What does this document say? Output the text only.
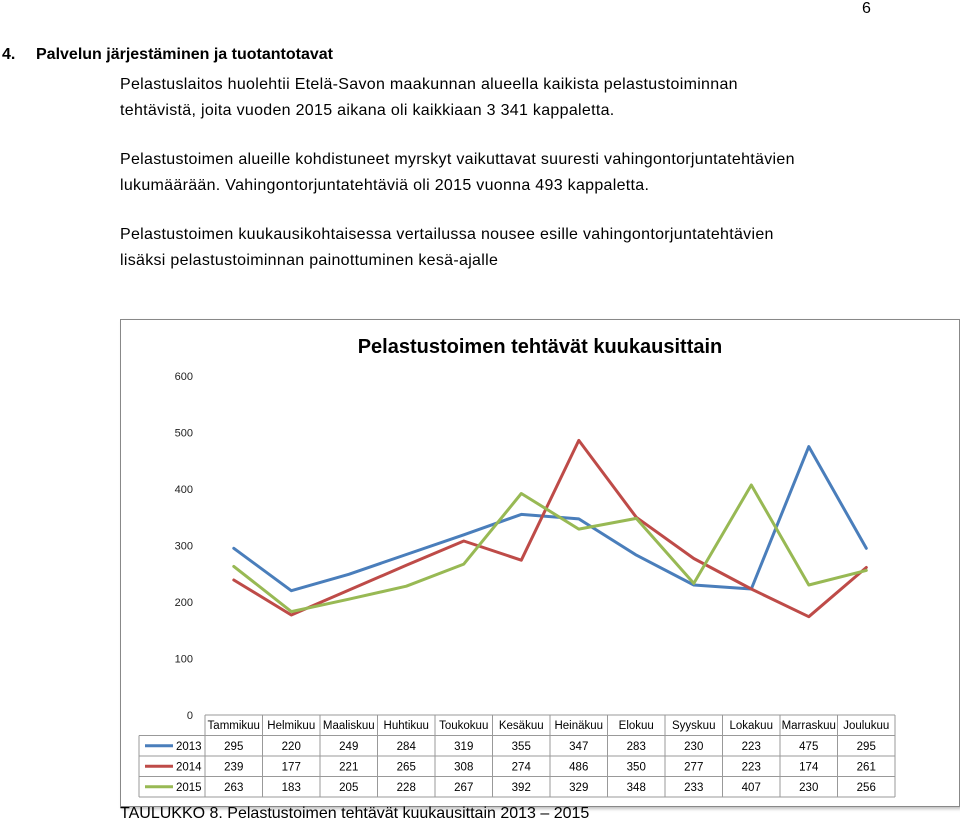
6
4. Palvelun järjestäminen ja tuotantotavat
Pelastuslaitos huolehtii Etelä-Savon maakunnan alueella kaikista pelastustoiminnan
tehtävistä, joita vuoden 2015 aikana oli kaikkiaan 3 341 kappaletta.
Pelastustoimen alueille kohdistuneet myrskyt vaikuttavat suuresti vahingontorjuntatehtävien
lukumäärään. Vahingontorjuntatehtäviä oli 2015 vuonna 493 kappaletta.
Pelastustoimen kuukausikohtaisessa vertailussa nousee esille vahingontorjuntatehtävien
lisäksi pelastustoiminnan painottuminen kesä-ajalle
Pelastustoimen tehtävät kuukausittain
0
100
200
300
400
500
600
Tammikuu Helmikuu Maaliskuu Huhtikuu Toukokuu Kesäkuu Heinäkuu Elokuu Syyskuu Lokakuu Marraskuu Joulukuu
2013 295	220	249	284	319	355	347	283	230	223	475	295
2014 239	177	221	265	308	274	486	350	277	223	174	261
2015 263	183	205	228	267	392	329	348	233	407	230	256
TAULUKKO 8. Pelastustoimen tehtävät kuukausittain 2013 – 2015
